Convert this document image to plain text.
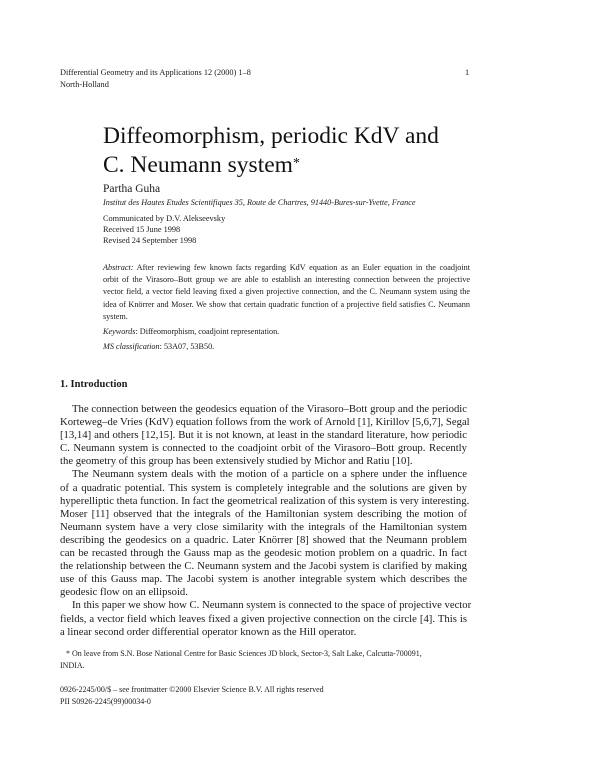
Differential Geometry and its Applications 12 (2000) 1–8
North-Holland
1
Diffeomorphism, periodic KdV and
C. Neumann system*
Partha Guha
Institut des Hautes Etudes Scientifiques 35, Route de Chartres, 91440-Bures-sur-Yvette, France
Communicated by D.V. Alekseevsky
Received 15 June 1998
Revised 24 September 1998
Abstract: After reviewing few known facts regarding KdV equation as an Euler equation in the coadjoint
orbit of the Virasoro–Bott group we are able to establish an interesting connection between the projective
vector field, a vector field leaving fixed a given projective connection, and the C. Neumann system using the
idea of Knörrer and Moser. We show that certain quadratic function of a projective field satisfies C. Neumann
system.
Keywords: Diffeomorphism, coadjoint representation.
MS classification: 53A07, 53B50.
1. Introduction
The connection between the geodesics equation of the Virasoro–Bott group and the periodic
Korteweg–de Vries (KdV) equation follows from the work of Arnold [1], Kirillov [5,6,7], Segal
[13,14] and others [12,15]. But it is not known, at least in the standard literature, how periodic
C. Neumann system is connected to the coadjoint orbit of the Virasoro–Bott group. Recently
the geometry of this group has been extensively studied by Michor and Ratiu [10].
The Neumann system deals with the motion of a particle on a sphere under the influence
of a quadratic potential. This system is completely integrable and the solutions are given by
hyperelliptic theta function. In fact the geometrical realization of this system is very interesting.
Moser [11] observed that the integrals of the Hamiltonian system describing the motion of
Neumann system have a very close similarity with the integrals of the Hamiltonian system
describing the geodesics on a quadric. Later Knörrer [8] showed that the Neumann problem
can be recasted through the Gauss map as the geodesic motion problem on a quadric. In fact
the relationship between the C. Neumann system and the Jacobi system is clarified by making
use of this Gauss map. The Jacobi system is another integrable system which describes the
geodesic flow on an ellipsoid.
In this paper we show how C. Neumann system is connected to the space of projective vector
fields, a vector field which leaves fixed a given projective connection on the circle [4]. This is
a linear second order differential operator known as the Hill operator.
* On leave from S.N. Bose National Centre for Basic Sciences JD block, Sector-3, Salt Lake, Calcutta-700091,
INDIA.
0926-2245/00/$ – see frontmatter ©2000 Elsevier Science B.V. All rights reserved
PII S0926-2245(99)00034-0
